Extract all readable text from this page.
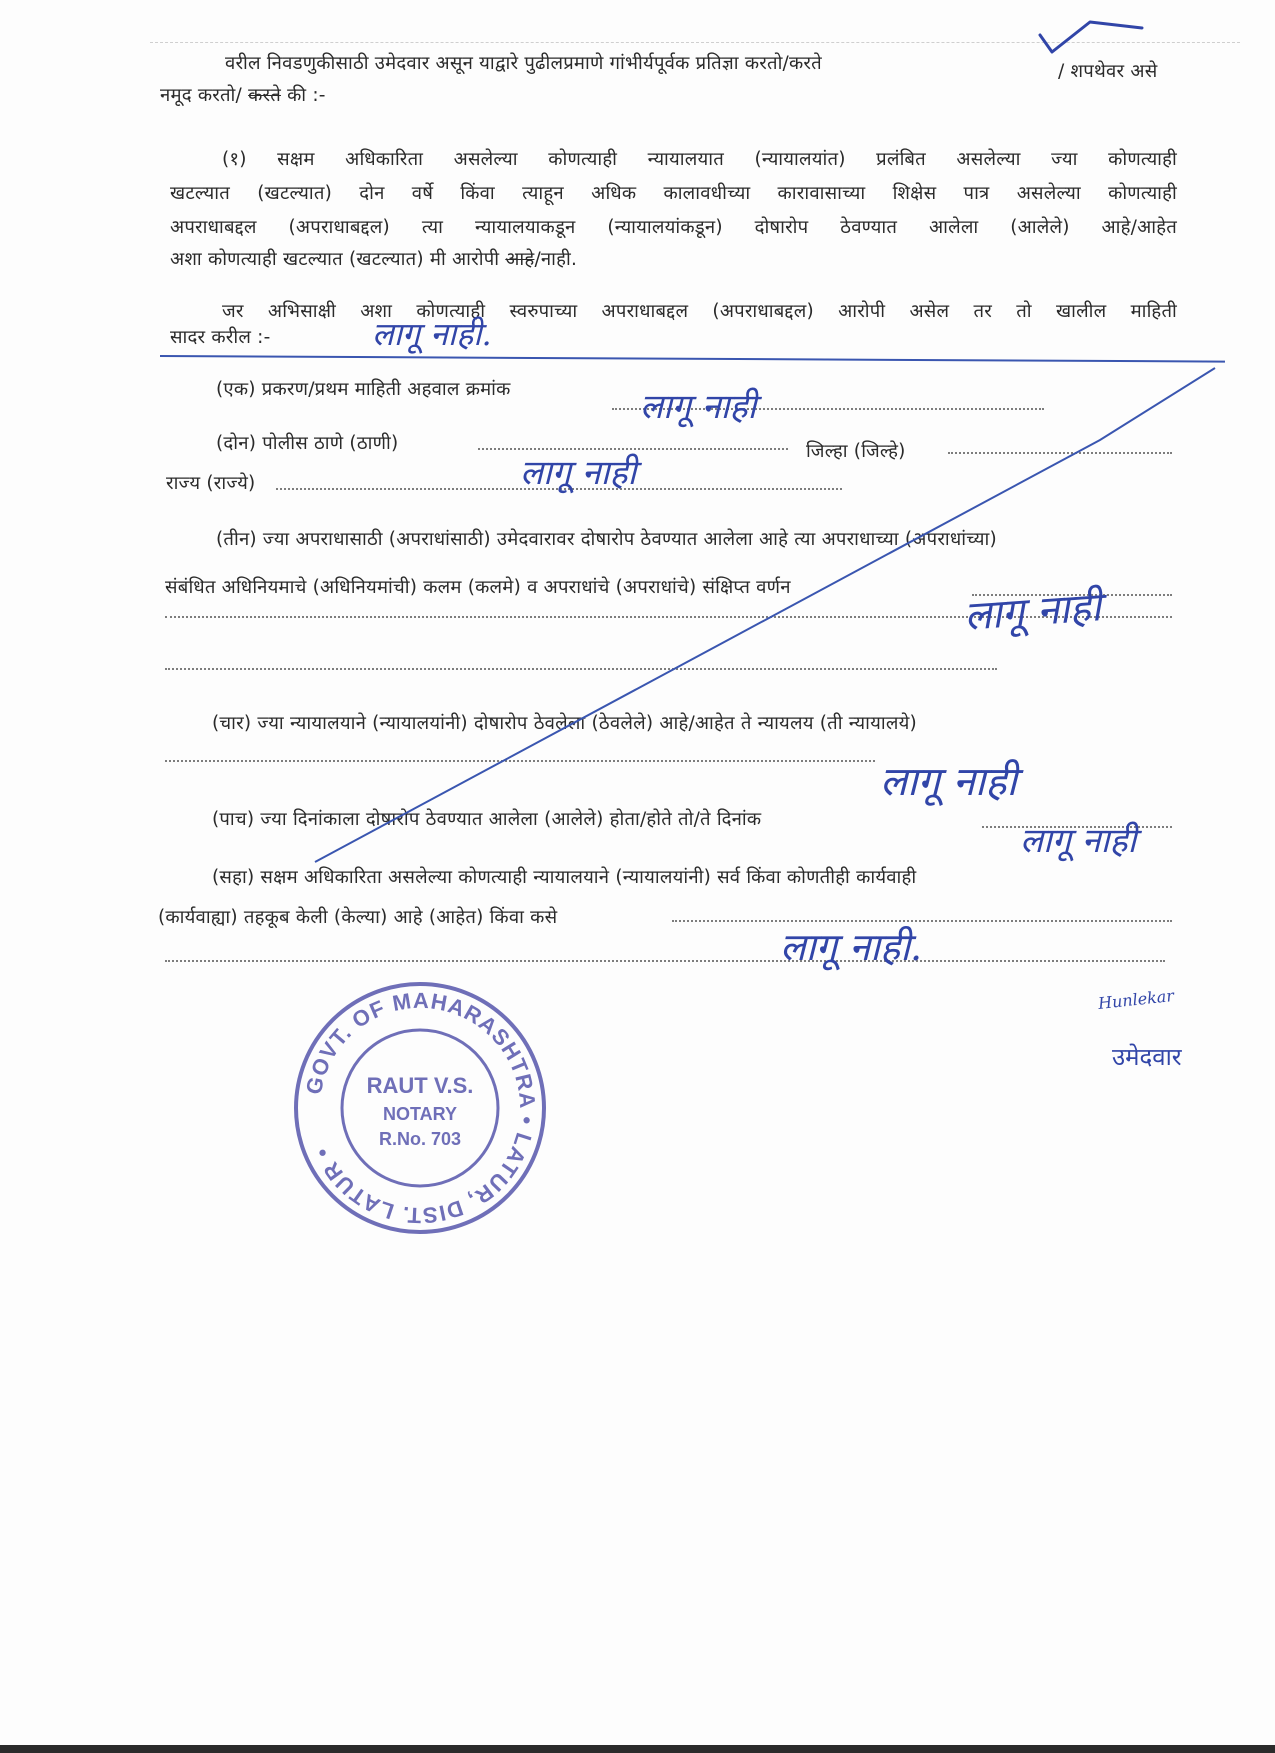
वरील निवडणुकीसाठी उमेदवार असून याद्वारे पुढीलप्रमाणे गांभीर्यपूर्वक प्रतिज्ञा करतो/करते	/ शपथेवर असे
नमूद करतो/ करते की :-
(१) सक्षम अधिकारिता असलेल्या कोणत्याही न्यायालयात (न्यायालयांत) प्रलंबित असलेल्या ज्या कोणत्याही
खटल्यात (खटल्यात) दोन वर्षे किंवा त्याहून अधिक कालावधीच्या कारावासाच्या शिक्षेस पात्र असलेल्या कोणत्याही
अपराधाबद्दल (अपराधाबद्दल) त्या न्यायालयाकडून (न्यायालयांकडून) दोषारोप ठेवण्यात आलेला (आलेले) आहे/आहेत
अशा कोणत्याही खटल्यात (खटल्यात) मी आरोपी आहे/नाही.
जर अभिसाक्षी अशा कोणत्याही स्वरुपाच्या अपराधाबद्दल (अपराधाबद्दल) आरोपी असेल तर तो खालील माहिती
सादर करील :-	लागू नाही.
(एक) प्रकरण/प्रथम माहिती अहवाल क्रमांक	लागू नाही
(दोन) पोलीस ठाणे (ठाणी)	जिल्हा (जिल्हे)
राज्य (राज्ये)	लागू नाही
(तीन) ज्या अपराधासाठी (अपराधांसाठी) उमेदवारावर दोषारोप ठेवण्यात आलेला आहे त्या अपराधाच्या (अपराधांच्या)
संबंधित अधिनियमाचे (अधिनियमांची) कलम (कलमे) व अपराधांचे (अपराधांचे) संक्षिप्त वर्णन	लागू नाही
(चार) ज्या न्यायालयाने (न्यायालयांनी) दोषारोप ठेवलेला (ठेवलेले) आहे/आहेत ते न्यायलय (ती न्यायालये)
लागू नाही
(पाच) ज्या दिनांकाला दोषारोप ठेवण्यात आलेला (आलेले) होता/होते तो/ते दिनांक
लागू नाही
(सहा) सक्षम अधिकारिता असलेल्या कोणत्याही न्यायालयाने (न्यायालयांनी) सर्व किंवा कोणतीही कार्यवाही
(कार्यवाह्या) तहकूब केली (केल्या) आहे (आहेत) किंवा कसे
लागू नाही.
Hunlekar
उमेदवार
GOVT. OF MAHARASHTRA • LATUR, DIST. LATUR •
RAUT V.S.
NOTARY
R.No. 703
